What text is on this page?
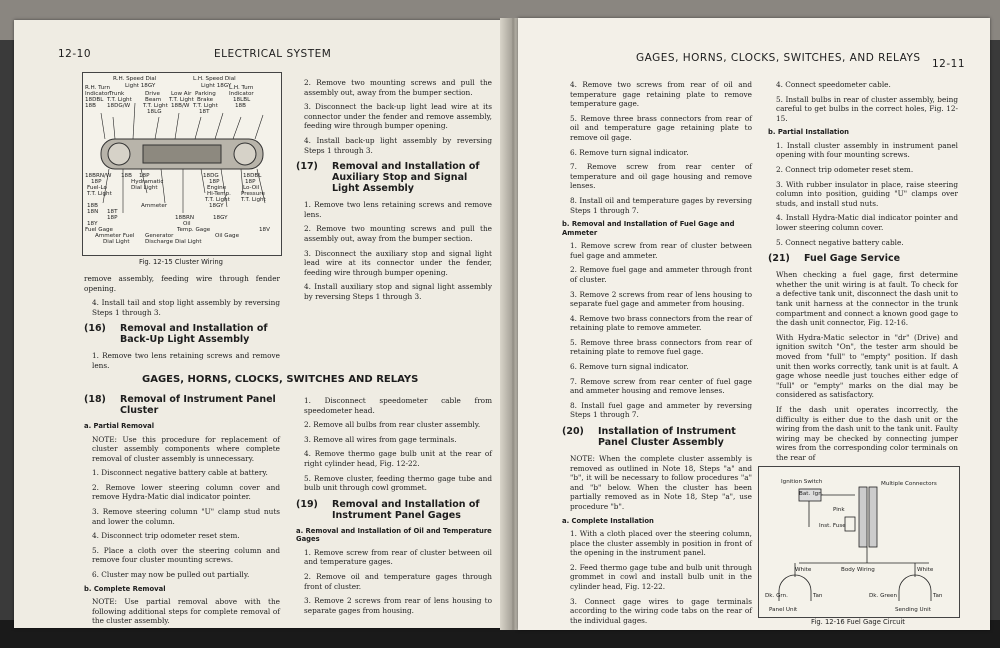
12-10	ELECTRICAL SYSTEM
R.H. Speed Dial
Light 18GY
L.H. Speed Dial
Light 18GY
R.H. Turn
Indicator
18DBL
18B
Trunk
T.T. Light
18DG/W
Drive
Beam
T.T. Light
18LG
Low Air
T.T. Light
18B/W
Parking
Brake
T.T. Light
18T
L.H. Turn
Indicator
18LBL
18B
18BRN/W
18P
Fuel-Lo
T.T. Light
18B 18P
Hydramatic
Dial Light
18DG
18P
Engine
Hi-Temp.
T.T. Light
18DBL
18P
Lo-Oil
Pressure
T.T. Light
18B
18N 18T
18P
Ammeter	18GY
18Y
Fuel Gage
Ammeter Fuel
Dial Light
Generator
Discharge
Oil
Temp. Gage
Dial Light
18BRN	18GY
Oil Gage
18V
Fig. 12-15 Cluster Wiring

remove assembly, feeding wire through fender opening.

4. Install tail and stop light assembly by reversing Steps 1 through 3.

(16)	Removal and Installation of Back-Up Light Assembly

1. Remove two lens retaining screws and remove lens.

2. Remove two mounting screws and pull the assembly out, away from the bumper section.

3. Disconnect the back-up light lead wire at its connector under the fender and remove assembly, feeding wire through bumper opening.

4. Install back-up light assembly by reversing Steps 1 through 3.

(17)	Removal and Installation of Auxiliary Stop and Signal Light Assembly

1. Remove two lens retaining screws and remove lens.

2. Remove two mounting screws and pull the assembly out, away from the bumper section.

3. Disconnect the auxiliary stop and signal light lead wire at its connector under the fender, feeding wire through bumper opening.

4. Install auxiliary stop and signal light assembly by reversing Steps 1 through 3.

GAGES, HORNS, CLOCKS, SWITCHES AND RELAYS
(18)	Removal of Instrument Panel Cluster
a. Partial Removal

NOTE: Use this procedure for replacement of cluster assembly components where complete removal of cluster assembly is unnecessary.

1. Disconnect negative battery cable at battery.

2. Remove lower steering column cover and remove Hydra-Matic dial indicator pointer.

3. Remove steering column "U" clamp stud nuts and lower the column.

4. Disconnect trip odometer reset stem.

5. Place a cloth over the steering column and remove four cluster mounting screws.

6. Cluster may now be pulled out partially.

b. Complete Removal

NOTE: Use partial removal above with the following additional steps for complete removal of the cluster assembly.

1. Disconnect speedometer cable from speedometer head.

2. Remove all bulbs from rear cluster assembly.

3. Remove all wires from gage terminals.

4. Remove thermo gage bulb unit at the rear of right cylinder head, Fig. 12-22.

5. Remove cluster, feeding thermo gage tube and bulb unit through cowl grommet.

(19)	Removal and Installation of Instrument Panel Gages
a. Removal and Installation of Oil and Temperature Gages

1. Remove screw from rear of cluster between oil and temperature gages.

2. Remove oil and temperature gages through front of cluster.

3. Remove 2 screws from rear of lens housing to separate gages from housing.

GAGES, HORNS, CLOCKS, SWITCHES, AND RELAYS 12-11

4. Remove two screws from rear of oil and temperature gage retaining plate to remove temperature gage.

5. Remove three brass connectors from rear of oil and temperature gage retaining plate to remove oil gage.

6. Remove turn signal indicator.

7. Remove screw from rear center of temperature and oil gage housing and remove lenses.

8. Install oil and temperature gages by reversing Steps 1 through 7.

b. Removal and Installation of Fuel Gage and Ammeter

1. Remove screw from rear of cluster between fuel gage and ammeter.

2. Remove fuel gage and ammeter through front of cluster.

3. Remove 2 screws from rear of lens housing to separate fuel gage and ammeter from housing.

4. Remove two brass connectors from the rear of retaining plate to remove ammeter.

5. Remove three brass connectors from rear of retaining plate to remove fuel gage.

6. Remove turn signal indicator.

7. Remove screw from rear center of fuel gage and ammeter housing and remove lenses.

8. Install fuel gage and ammeter by reversing Steps 1 through 7.

(20)	Installation of Instrument Panel Cluster Assembly

NOTE: When the complete cluster assembly is removed as outlined in Note 18, Steps "a" and "b", it will be necessary to follow procedures "a" and "b" below. When the cluster has been partially removed as in Note 18, Step "a", use procedure "b".

a. Complete Installation

1. With a cloth placed over the steering column, place the cluster assembly in position in front of the opening in the instrument panel.

2. Feed thermo gage tube and bulb unit through grommet in cowl and install bulb unit in the cylinder head, Fig. 12-22.

3. Connect gage wires to gage terminals according to the wiring code tabs on the rear of the individual gages.

4. Connect speedometer cable.

5. Install bulbs in rear of cluster assembly, being careful to get bulbs in the correct holes, Fig. 12-15.

b. Partial Installation

1. Install cluster assembly in instrument panel opening with four mounting screws.

2. Connect trip odometer reset stem.

3. With rubber insulator in place, raise steering column into position, guiding "U" clamps over studs, and install stud nuts.

4. Install Hydra-Matic dial indicator pointer and lower steering column cover.

5. Connect negative battery cable.

(21)	Fuel Gage Service

When checking a fuel gage, first determine whether the unit wiring is at fault. To check for a defective tank unit, disconnect the dash unit to tank unit harness at the connector in the trunk compartment and connect a known good gage to the dash unit connector, Fig. 12-16.

With Hydra-Matic selector in "dr" (Drive) and ignition switch "On", the tester arm should be moved from "full" to "empty" position. If dash unit then works correctly, tank unit is at fault. A gage whose needle just touches either edge of "full" or "empty" marks on the dial may be considered as satisfactory.

If the dash unit operates incorrectly, the difficulty is either due to the dash unit or the wiring from the dash unit to the tank unit. Faulty wiring may be checked by connecting jumper wires from the corresponding color terminals on the rear of

Ignition Switch
Bat. Ign.
Multiple Connectors
Pink
Inst. Fuse
White	Body Wiring	White
Dk. Grn.	Tan	Dk. Green	Tan
Panel Unit	Sending Unit
Fig. 12-16 Fuel Gage Circuit
